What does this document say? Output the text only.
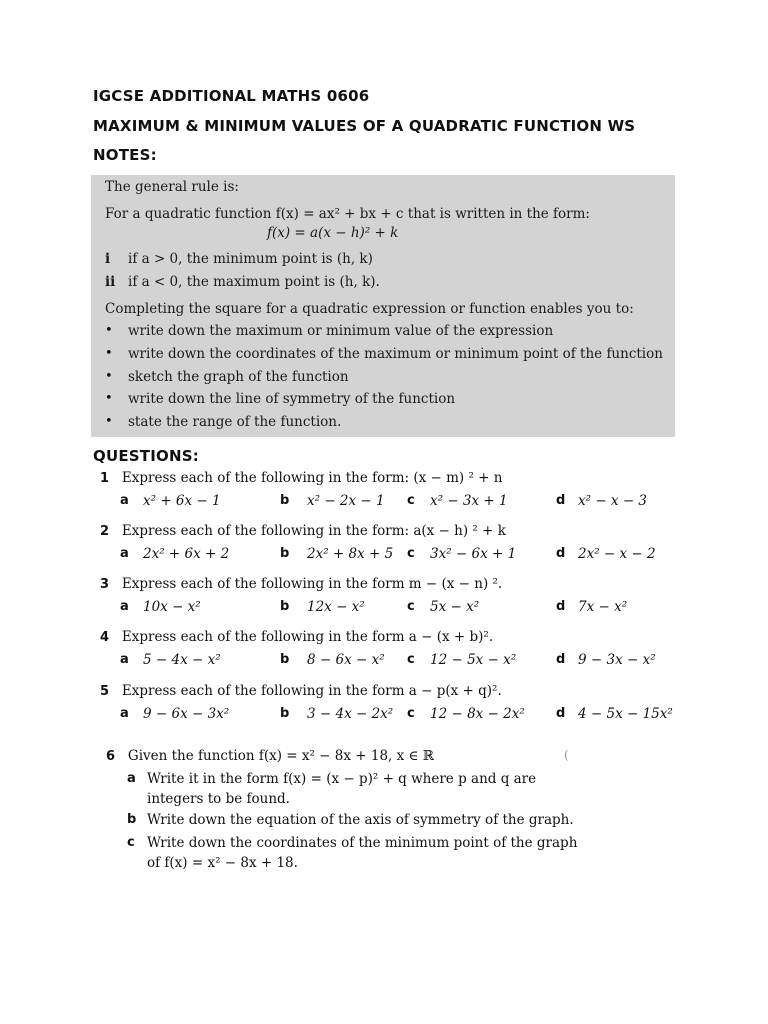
IGCSE ADDITIONAL MATHS 0606
MAXIMUM & MINIMUM VALUES OF A QUADRATIC FUNCTION WS
NOTES:
The general rule is:
For a quadratic function f(x) = ax² + bx + c that is written in the form:
f(x) = a(x − h)² + k
i if a > 0, the minimum point is (h, k)
ii if a < 0, the maximum point is (h, k).
Completing the square for a quadratic expression or function enables you to:
• write down the maximum or minimum value of the expression
• write down the coordinates of the maximum or minimum point of the function
• sketch the graph of the function
• write down the line of symmetry of the function
• state the range of the function.
QUESTIONS:
1 Express each of the following in the form: (x − m) ² + n
a x² + 6x − 1	b x² − 2x − 1 c x² − 3x + 1	d x² − x − 3
2 Express each of the following in the form: a(x − h) ² + k
a 2x² + 6x + 2	b 2x² + 8x + 5 c 3x² − 6x + 1	d 2x² − x − 2
3 Express each of the following in the form m − (x − n) ².
a 10x − x²	b 12x − x²	c 5x − x²	d 7x − x²
4 Express each of the following in the form a − (x + b)².
a 5 − 4x − x²	b 8 − 6x − x² c 12 − 5x − x²	d 9 − 3x − x²
5 Express each of the following in the form a − p(x + q)².
a 9 − 6x − 3x²	b 3 − 4x − 2x² c 12 − 8x − 2x² d 4 − 5x − 15x²
6 Given the function f(x) = x² − 8x + 18, x ∈ ℝ	(
a Write it in the form f(x) = (x − p)² + q where p and q are
integers to be found.
b Write down the equation of the axis of symmetry of the graph.
c Write down the coordinates of the minimum point of the graph
of f(x) = x² − 8x + 18.
